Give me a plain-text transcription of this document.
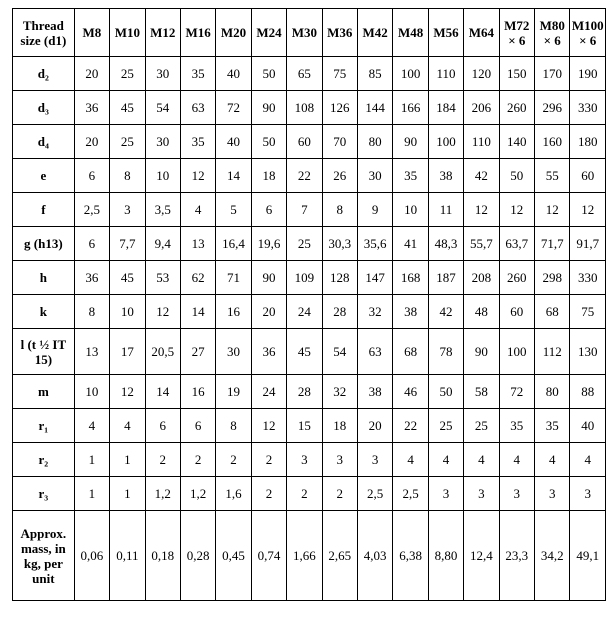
Thread size (d1)	M8	M10	M12	M16	M20	M24	M30	M36	M42	M48	M56	M64	M72 × 6	M80 × 6	M100 × 6
d₂	20	25	30	35	40	50	65	75	85	100	110	120	150	170	190
d₃	36	45	54	63	72	90	108	126	144	166	184	206	260	296	330
d₄	20	25	30	35	40	50	60	70	80	90	100	110	140	160	180
e	6	8	10	12	14	18	22	26	30	35	38	42	50	55	60
f	2,5	3	3,5	4	5	6	7	8	9	10	11	12	12	12	12
g (h13)	6	7,7	9,4	13	16,4	19,6	25	30,3	35,6	41	48,3	55,7	63,7	71,7	91,7
h	36	45	53	62	71	90	109	128	147	168	187	208	260	298	330
k	8	10	12	14	16	20	24	28	32	38	42	48	60	68	75
l (t ½ IT 15)	13	17	20,5	27	30	36	45	54	63	68	78	90	100	112	130
m	10	12	14	16	19	24	28	32	38	46	50	58	72	80	88
r₁	4	4	6	6	8	12	15	18	20	22	25	25	35	35	40
r₂	1	1	2	2	2	2	3	3	3	4	4	4	4	4	4
r₃	1	1	1,2	1,2	1,6	2	2	2	2,5	2,5	3	3	3	3	3
Approx. mass, in kg, per unit	0,06	0,11	0,18	0,28	0,45	0,74	1,66	2,65	4,03	6,38	8,80	12,4	23,3	34,2	49,1
